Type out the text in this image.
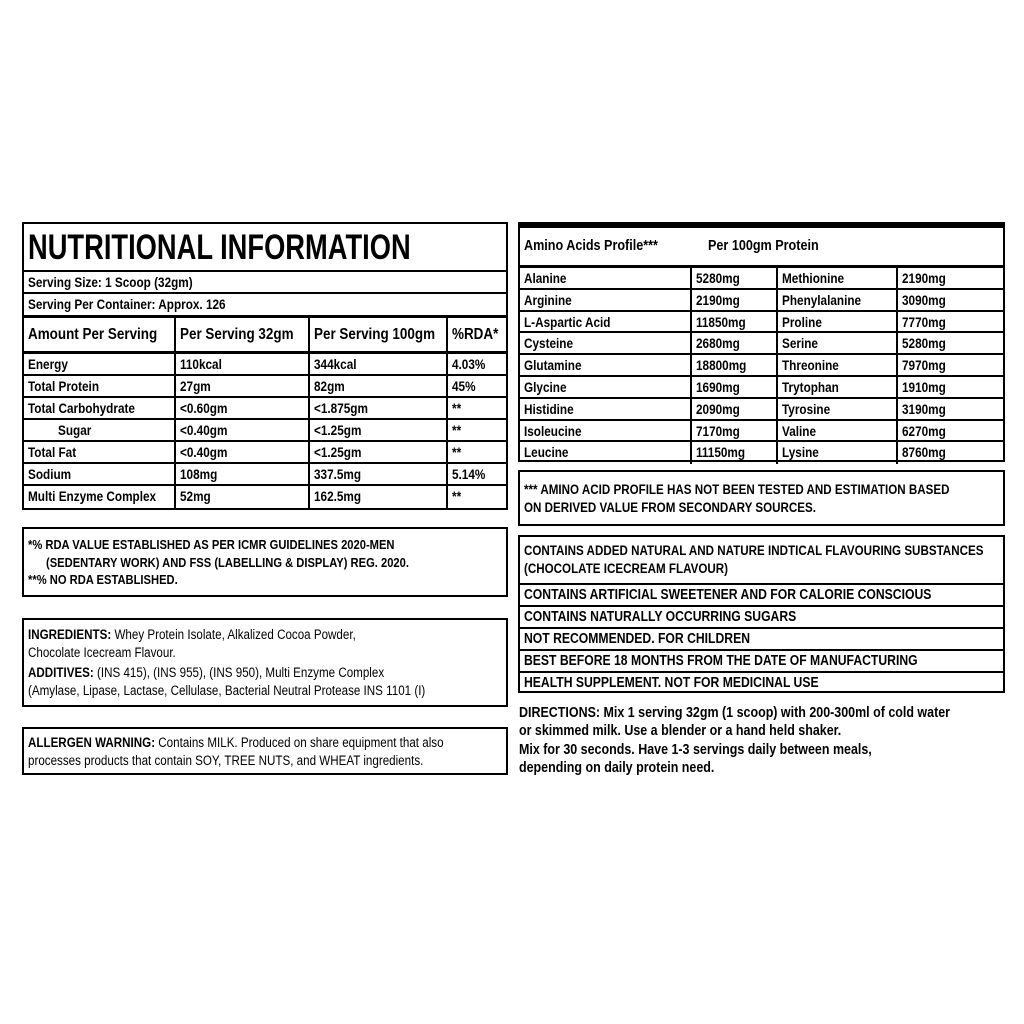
NUTRITIONAL INFORMATION
Serving Size: 1 Scoop (32gm)
Serving Per Container: Approx. 126
Amount Per Serving	Per Serving 32gm	Per Serving 100gm	%RDA*
Energy	110kcal	344kcal	4.03%
Total Protein	27gm	82gm	45%
Total Carbohydrate	<0.60gm	<1.875gm	**
Sugar	<0.40gm	<1.25gm	**
Total Fat	<0.40gm	<1.25gm	**
Sodium	108mg	337.5mg	5.14%
Multi Enzyme Complex	52mg	162.5mg	**
*% RDA VALUE ESTABLISHED AS PER ICMR GUIDELINES 2020-MEN
(SEDENTARY WORK) AND FSS (LABELLING & DISPLAY) REG. 2020.
**% NO RDA ESTABLISHED.
INGREDIENTS: Whey Protein Isolate, Alkalized Cocoa Powder,
Chocolate Icecream Flavour.
ADDITIVES: (INS 415), (INS 955), (INS 950), Multi Enzyme Complex
(Amylase, Lipase, Lactase, Cellulase, Bacterial Neutral Protease INS 1101 (I)
ALLERGEN WARNING: Contains MILK. Produced on share equipment that also
processes products that contain SOY, TREE NUTS, and WHEAT ingredients.
Amino Acids Profile***	Per 100gm Protein
Alanine	5280mg	Methionine	2190mg
Arginine	2190mg	Phenylalanine	3090mg
L-Aspartic Acid	11850mg	Proline	7770mg
Cysteine	2680mg	Serine	5280mg
Glutamine	18800mg	Threonine	7970mg
Glycine	1690mg	Trytophan	1910mg
Histidine	2090mg	Tyrosine	3190mg
Isoleucine	7170mg	Valine	6270mg
Leucine	11150mg	Lysine	8760mg
*** AMINO ACID PROFILE HAS NOT BEEN TESTED AND ESTIMATION BASED
ON DERIVED VALUE FROM SECONDARY SOURCES.
CONTAINS ADDED NATURAL AND NATURE INDTICAL FLAVOURING SUBSTANCES
(CHOCOLATE ICECREAM FLAVOUR)
CONTAINS ARTIFICIAL SWEETENER AND FOR CALORIE CONSCIOUS
CONTAINS NATURALLY OCCURRING SUGARS
NOT RECOMMENDED. FOR CHILDREN
BEST BEFORE 18 MONTHS FROM THE DATE OF MANUFACTURING
HEALTH SUPPLEMENT. NOT FOR MEDICINAL USE
DIRECTIONS: Mix 1 serving 32gm (1 scoop) with 200-300ml of cold water
or skimmed milk. Use a blender or a hand held shaker.
Mix for 30 seconds. Have 1-3 servings daily between meals,
depending on daily protein need.
